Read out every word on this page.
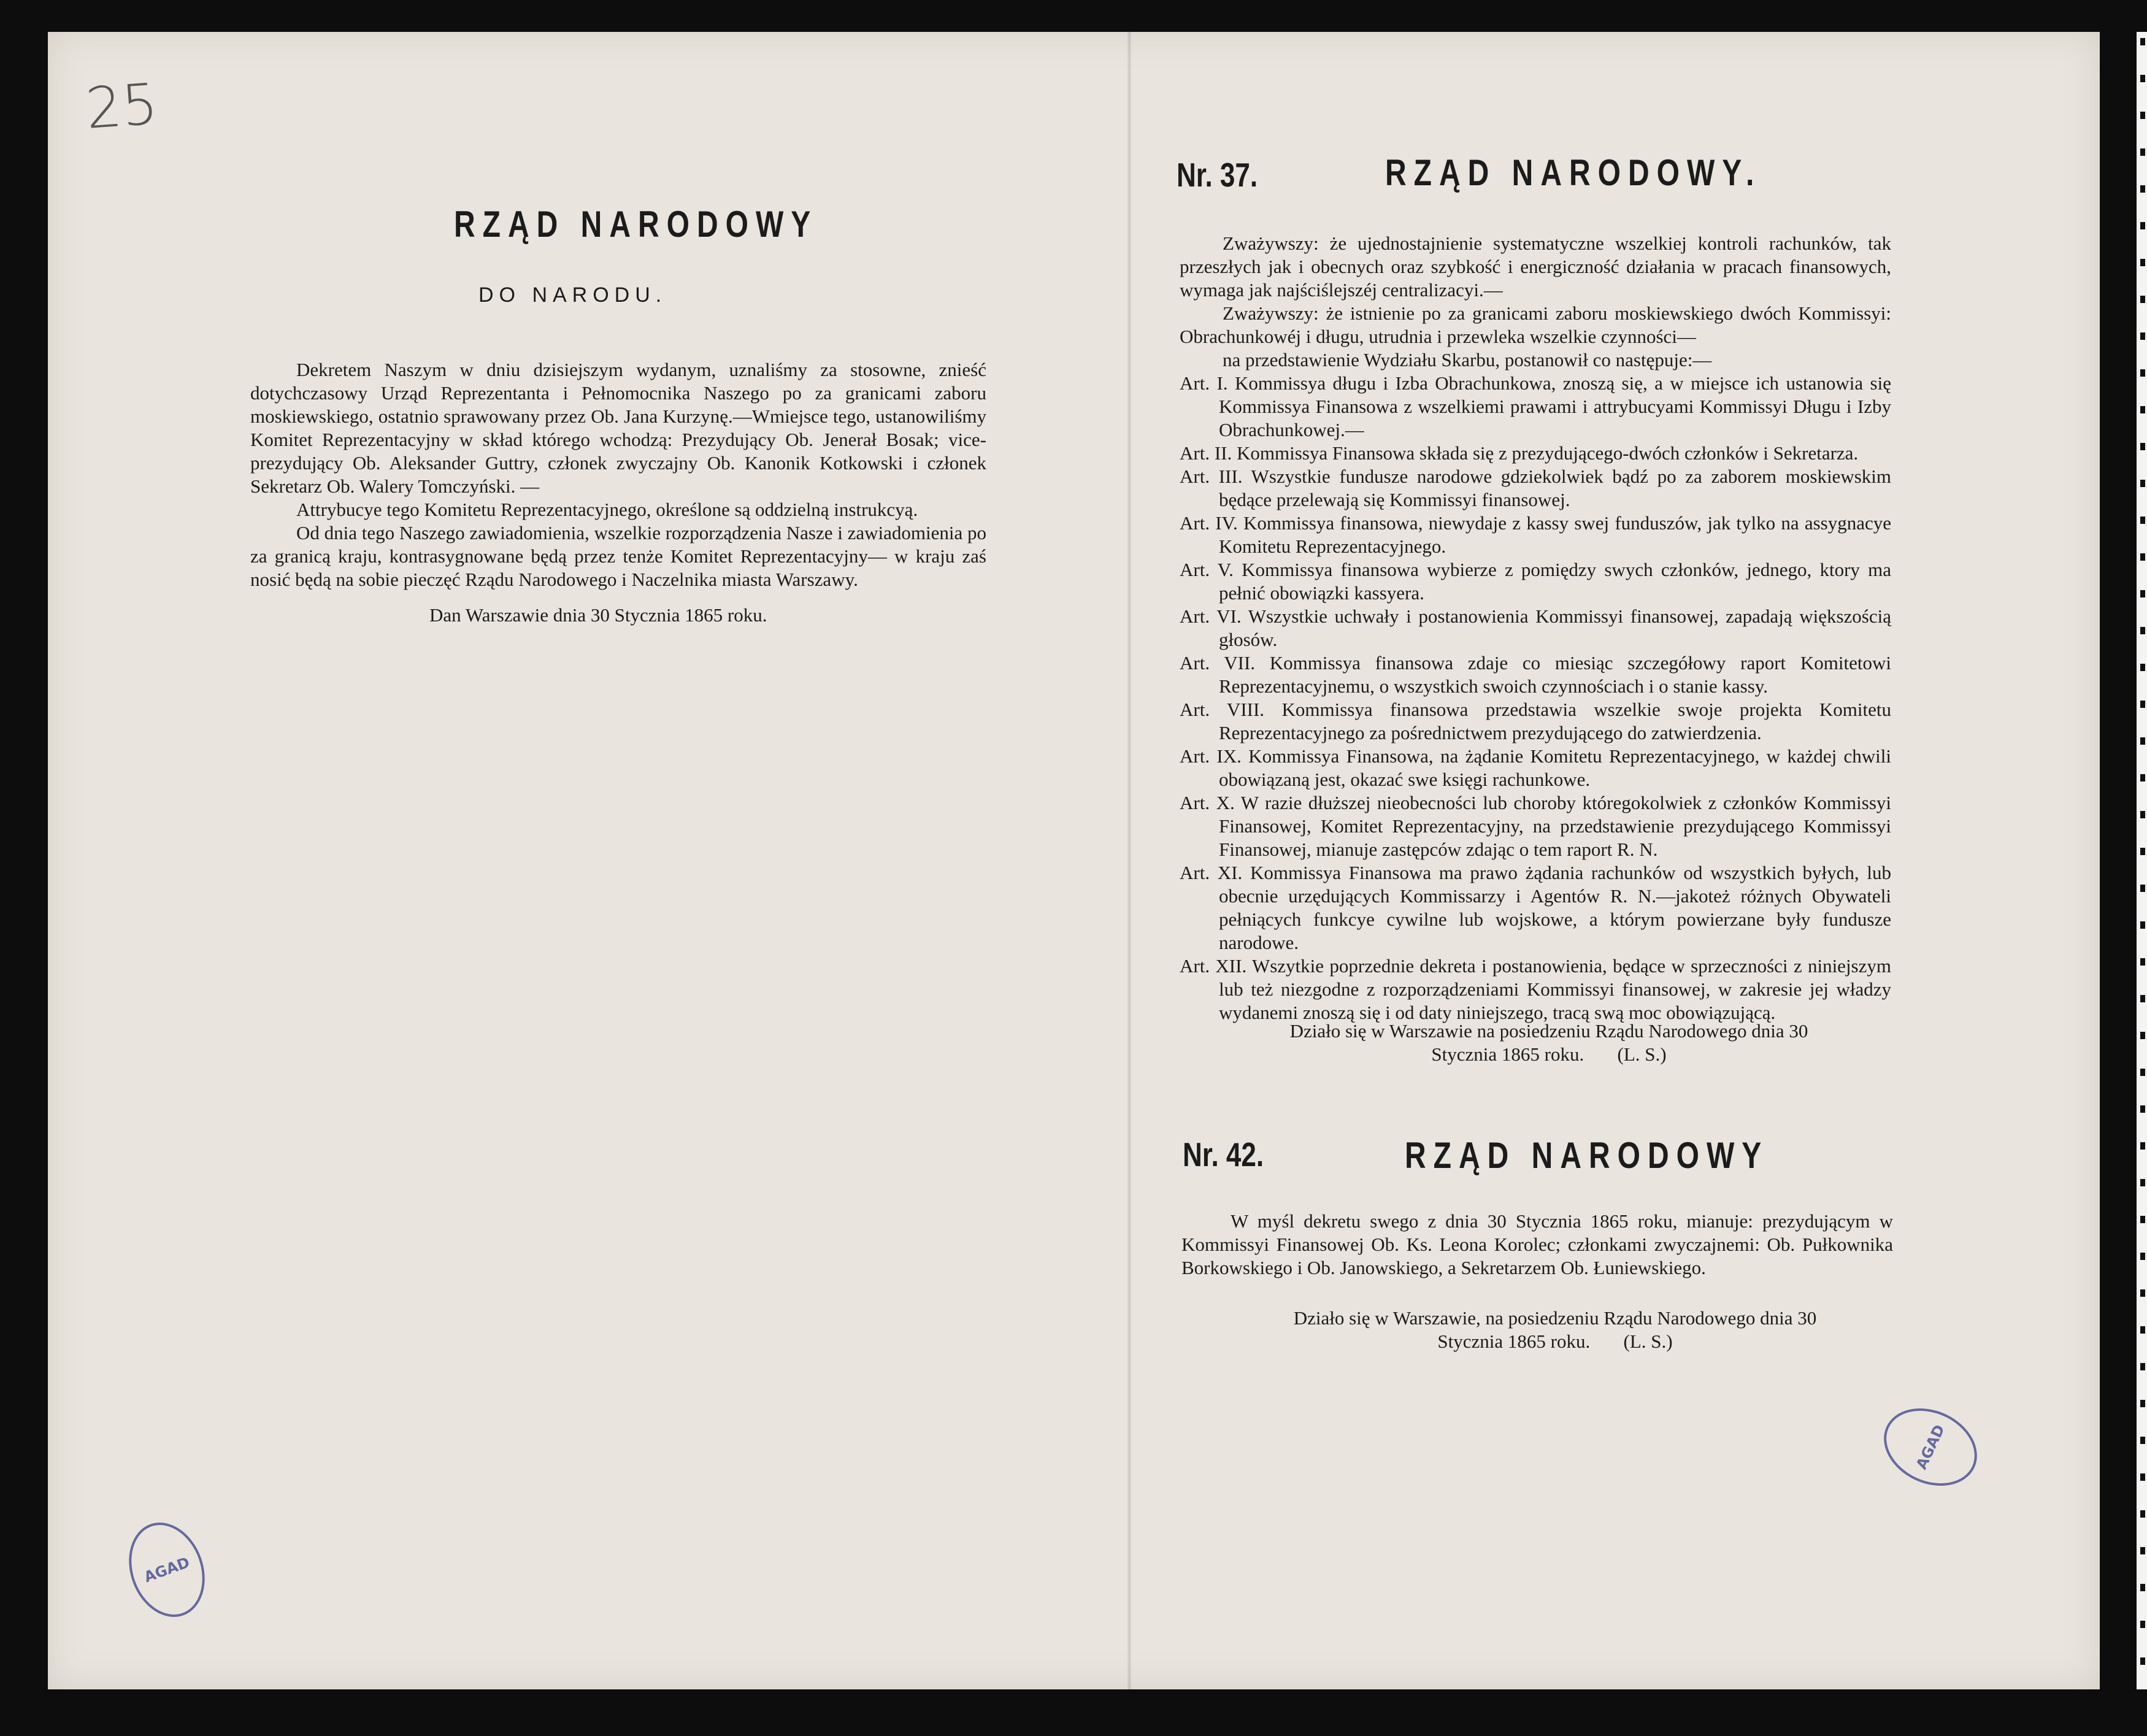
25
RZĄD NARODOWY
DO NARODU.

Dekretem Naszym w dniu dzisiejszym wydanym, uznaliśmy za stosowne, znieść dotychczasowy Urząd Reprezentanta i Pełnomocnika Naszego po za granicami zaboru moskiewskiego, ostatnio sprawowany przez Ob. Jana Kurzynę.—Wmiejsce tego, ustanowiliśmy Komitet Reprezentacyjny w skład którego wchodzą: Prezydujący Ob. Jenerał Bosak; vice-prezydujący Ob. Aleksander Guttry, członek zwyczajny Ob. Kanonik Kotkowski i członek Sekretarz Ob. Walery Tomczyński. —

Attrybucye tego Komitetu Reprezentacyjnego, określone są oddzielną instrukcyą.

Od dnia tego Naszego zawiadomienia, wszelkie rozporządzenia Nasze i zawiadomienia po za granicą kraju, kontrasygnowane będą przez tenże Komitet Reprezentacyjny— w kraju zaś nosić będą na sobie pieczęć Rządu Narodowego i Naczelnika miasta Warszawy.

Dan Warszawie dnia 30 Stycznia 1865 roku.
Nr. 37.	RZĄD NARODOWY.

Zważywszy: że ujednostajnienie systematyczne wszelkiej kontroli rachunków, tak przeszłych jak i obecnych oraz szybkość i energiczność działania w pracach finansowych, wymaga jak najściślejszéj centralizacyi.—

Zważywszy: że istnienie po za granicami zaboru moskiewskiego dwóch Kommissyi: Obrachunkowéj i długu, utrudnia i przewleka wszelkie czynności—

na przedstawienie Wydziału Skarbu, postanowił co następuje:—

Art. I. Kommissya długu i Izba Obrachunkowa, znoszą się, a w miejsce ich ustanowia się Kommissya Finansowa z wszelkiemi prawami i attrybucyami Kommissyi Długu i Izby Obrachunkowej.—

Art. II. Kommissya Finansowa składa się z prezydującego-dwóch członków i Sekretarza.

Art. III. Wszystkie fundusze narodowe gdziekolwiek bądź po za zaborem moskiewskim będące przelewają się Kommissyi finansowej.

Art. IV. Kommissya finansowa, niewydaje z kassy swej funduszów, jak tylko na assygnacye Komitetu Reprezentacyjnego.

Art. V. Kommissya finansowa wybierze z pomiędzy swych członków, jednego, ktory ma pełnić obowiązki kassyera.

Art. VI. Wszystkie uchwały i postanowienia Kommissyi finansowej, zapadają większością głosów.

Art. VII. Kommissya finansowa zdaje co miesiąc szczegółowy raport Komitetowi Reprezentacyjnemu, o wszystkich swoich czynnościach i o stanie kassy.

Art. VIII. Kommissya finansowa przedstawia wszelkie swoje projekta Komitetu Reprezentacyjnego za pośrednictwem prezydującego do zatwierdzenia.

Art. IX. Kommissya Finansowa, na żądanie Komitetu Reprezentacyjnego, w każdej chwili obowiązaną jest, okazać swe księgi rachunkowe.

Art. X. W razie dłuższej nieobecności lub choroby któregokolwiek z członków Kommissyi Finansowej, Komitet Reprezentacyjny, na przedstawienie prezydującego Kommissyi Finansowej, mianuje zastępców zdając o tem raport R. N.

Art. XI. Kommissya Finansowa ma prawo żądania rachunków od wszystkich byłych, lub obecnie urzędujących Kommissarzy i Agentów R. N.—jakoteż różnych Obywateli pełniących funkcye cywilne lub wojskowe, a którym powierzane były fundusze narodowe.

Art. XII. Wszytkie poprzednie dekreta i postanowienia, będące w sprzeczności z niniejszym lub też niezgodne z rozporządzeniami Kommissyi finansowej, w zakresie jej władzy wydanemi znoszą się i od daty niniejszego, tracą swą moc obowiązującą.

Działo się w Warszawie na posiedzeniu Rządu Narodowego dnia 30
Stycznia 1865 roku.       (L. S.)
Nr. 42.	RZĄD NARODOWY

W myśl dekretu swego z dnia 30 Stycznia 1865 roku, mianuje: prezydującym w Kommissyi Finansowej Ob. Ks. Leona Korolec; członkami zwyczajnemi: Ob. Pułkownika Borkowskiego i Ob. Janowskiego, a Sekretarzem Ob. Łuniewskiego.

Działo się w Warszawie, na posiedzeniu Rządu Narodowego dnia 30
Stycznia 1865 roku.       (L. S.)
AGAD
AGAD
